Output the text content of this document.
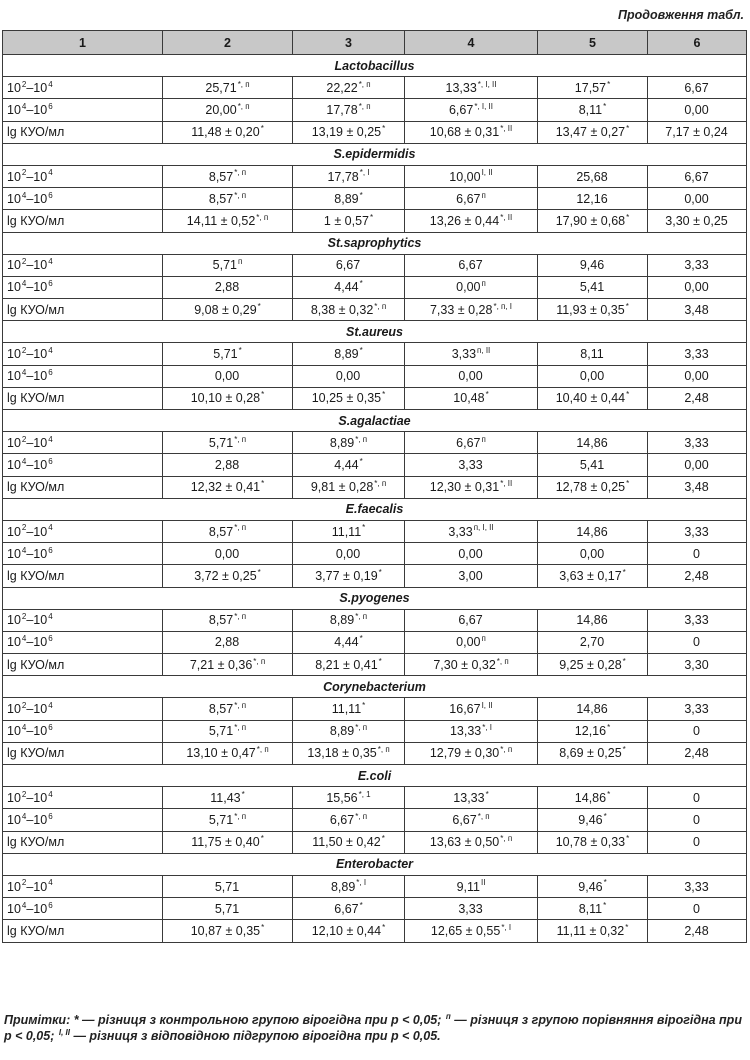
Продовження табл.
1	2	3	4	5	6
Lactobacillus					
$10^2-10^4$	$25,71^{*, п}$	$22,22^{*, п}$	$13,33^{*, I, II}$	17,57*	6,67
$10^4-10^6$	$20,00^{*, п}$	$17,78^{*, п}$	$6,67^{*, I, II}$	8,11*	0,00
lg КУО/мл	11,48 ± 0,20*	13,19 ± 0,25*	$10,68 \pm 0,31^{*, II}$	13,47 ± 0,27*	7,17 ± 0,24
S.epidermidis					
$10^2-10^4$	$8,57^{*, п}$	$17,78^{*, I}$	$10,00^{I, II}$	25,68	6,67
$10^4-10^6$	$8,57^{*, п}$	8,89*	$6,67^п$	12,16	0,00
lg КУО/мл	$14,11 \pm 0,52^{*, п}$	1 ± 0,57*	$13,26 \pm 0,44^{*, II}$	17,90 ± 0,68*	3,30 ± 0,25
St.saprophytics					
$10^2-10^4$	$5,71^п$	6,67	6,67	9,46	3,33
$10^4-10^6$	2,88	4,44*	$0,00^п$	5,41	0,00
lg КУО/мл	9,08 ± 0,29*	$8,38 \pm 0,32^{*, п}$	$7,33 \pm 0,28^{*, п, I}$	11,93 ± 0,35*	3,48
St.aureus					
$10^2-10^4$	5,71*	8,89*	$3,33^{п, II}$	8,11	3,33
$10^4-10^6$	0,00	0,00	0,00	0,00	0,00
lg КУО/мл	10,10 ± 0,28*	10,25 ± 0,35*	10,48*	10,40 ± 0,44*	2,48
S.agalactiae					
$10^2-10^4$	$5,71^{*, п}$	$8,89^{*, п}$	$6,67^п$	14,86	3,33
$10^4-10^6$	2,88	4,44*	3,33	5,41	0,00
lg КУО/мл	12,32 ± 0,41*	$9,81 \pm 0,28^{*, п}$	$12,30 \pm 0,31^{*, II}$	12,78 ± 0,25*	3,48
E.faecalis					
$10^2-10^4$	$8,57^{*, п}$	11,11*	$3,33^{п, I, II}$	14,86	3,33
$10^4-10^6$	0,00	0,00	0,00	0,00	0
lg КУО/мл	3,72 ± 0,25*	3,77 ± 0,19*	3,00	3,63 ± 0,17*	2,48
S.pyogenes					
$10^2-10^4$	$8,57^{*, п}$	$8,89^{*, п}$	6,67	14,86	3,33
$10^4-10^6$	2,88	4,44*	$0,00^п$	2,70	0
lg КУО/мл	$7,21 \pm 0,36^{*, п}$	8,21 ± 0,41*	$7,30 \pm 0,32^{*, п}$	9,25 ± 0,28*	3,30
Corynebacterium					
$10^2-10^4$	$8,57^{*, п}$	11,11*	$16,67^{I, II}$	14,86	3,33
$10^4-10^6$	$5,71^{*, п}$	$8,89^{*, п}$	$13,33^{*, I}$	12,16*	0
lg КУО/мл	$13,10 \pm 0,47^{*, п}$	$13,18 \pm 0,35^{*, п}$	$12,79 \pm 0,30^{*, п}$	8,69 ± 0,25*	2,48
E.coli					
$10^2-10^4$	11,43*	$15,56^{*, 1}$	13,33*	14,86*	0
$10^4-10^6$	$5,71^{*, п}$	$6,67^{*, п}$	$6,67^{*, п}$	9,46*	0
lg КУО/мл	11,75 ± 0,40*	11,50 ± 0,42*	$13,63 \pm 0,50^{*, п}$	10,78 ± 0,33*	0
Enterobacter					
$10^2-10^4$	5,71	$8,89^{*, I}$	$9,11^{II}$	9,46*	3,33
$10^4-10^6$	5,71	6,67*	3,33	8,11*	0
lg КУО/мл	10,87 ± 0,35*	12,10 ± 0,44*	$12,65 \pm 0,55^{*, I}$	11,11 ± 0,32*	2,48
Примітки: * — різниця з контрольною групою вірогідна при p < 0,05; $^п$ — різниця з групою порівняння вірогідна при p < 0,05; $^{I, II}$ — різниця з відповідною підгрупою вірогідна при p < 0,05.
